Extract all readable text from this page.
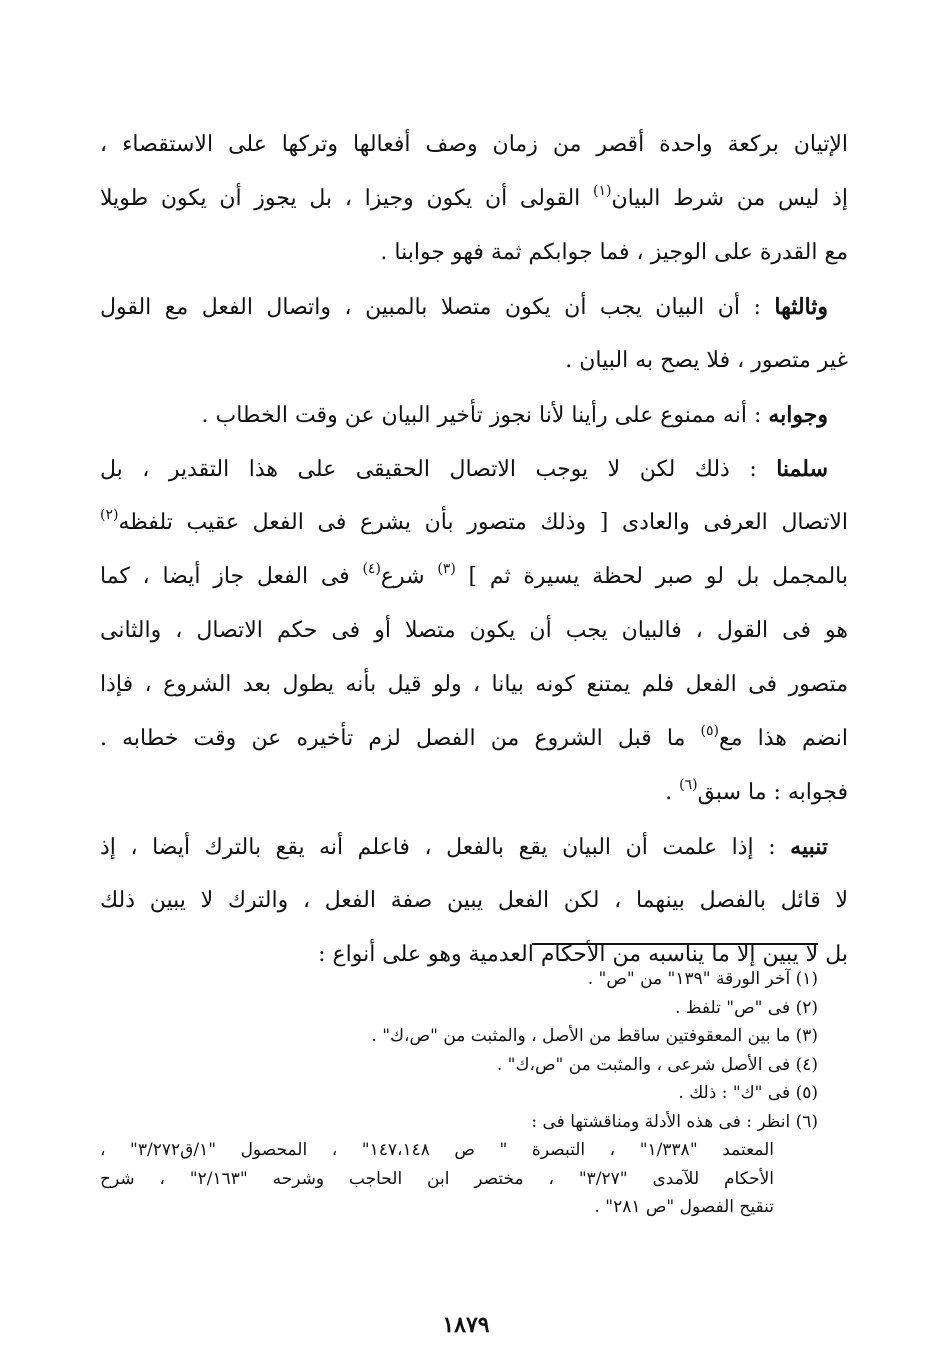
الإتيان بركعة واحدة أقصر من زمان وصف أفعالها وتركها على الاستقصاء ،
إذ ليس من شرط البيان$^{(١)}$ القولى أن يكون وجيزا ، بل يجوز أن يكون طويلا
مع القدرة على الوجيز ، فما جوابكم ثمة فهو جوابنا .
وثالثها : أن البيان يجب أن يكون متصلا بالمبين ، واتصال الفعل مع القول
غير متصور ، فلا يصح به البيان .
وجوابه : أنه ممنوع على رأينا لأنا نجوز تأخير البيان عن وقت الخطاب .
سلمنا : ذلك لكن لا يوجب الاتصال الحقيقى على هذا التقدير ، بل
الاتصال العرفى والعادى [ وذلك متصور بأن يشرع فى الفعل عقيب تلفظه$^{(٢)}$
بالمجمل بل لو صبر لحظة يسيرة ثم ] $^{(٣)}$ شرع$^{(٤)}$ فى الفعل جاز أيضا ، كما
هو فى القول ، فالبيان يجب أن يكون متصلا أو فى حكم الاتصال ، والثانى
متصور فى الفعل فلم يمتنع كونه بيانا ، ولو قيل بأنه يطول بعد الشروع ، فإذا
انضم هذا مع$^{(٥)}$ ما قبل الشروع من الفصل لزم تأخيره عن وقت خطابه .
فجوابه : ما سبق$^{(٦)}$ .
تنبيه : إذا علمت أن البيان يقع بالفعل ، فاعلم أنه يقع بالترك أيضا ، إذ
لا قائل بالفصل بينهما ، لكن الفعل يبين صفة الفعل ، والترك لا يبين ذلك
بل لا يبين إلا ما يناسبه من الأحكام العدمية وهو على أنواع :
(١) آخر الورقة "١٣٩" من "ص" .
(٢) فى "ص" تلفظ .
(٣) ما بين المعقوفتين ساقط من الأصل ، والمثبت من "ص،ك" .
(٤) فى الأصل شرعى ، والمثبت من "ص،ك" .
(٥) فى "ك" : ذلك .
(٦) انظر : فى هذه الأدلة ومناقشتها فى :
المعتمد "١/٣٣٨" ، التبصرة " ص ١٤٧،١٤٨" ، المحصول "١/ق٣/٢٧٢" ،
الأحكام للآمدى "٣/٢٧" ، مختصر ابن الحاجب وشرحه "٢/١٦٣" ، شرح
تنقيح الفصول "ص ٢٨١" .
١٨٧٩
